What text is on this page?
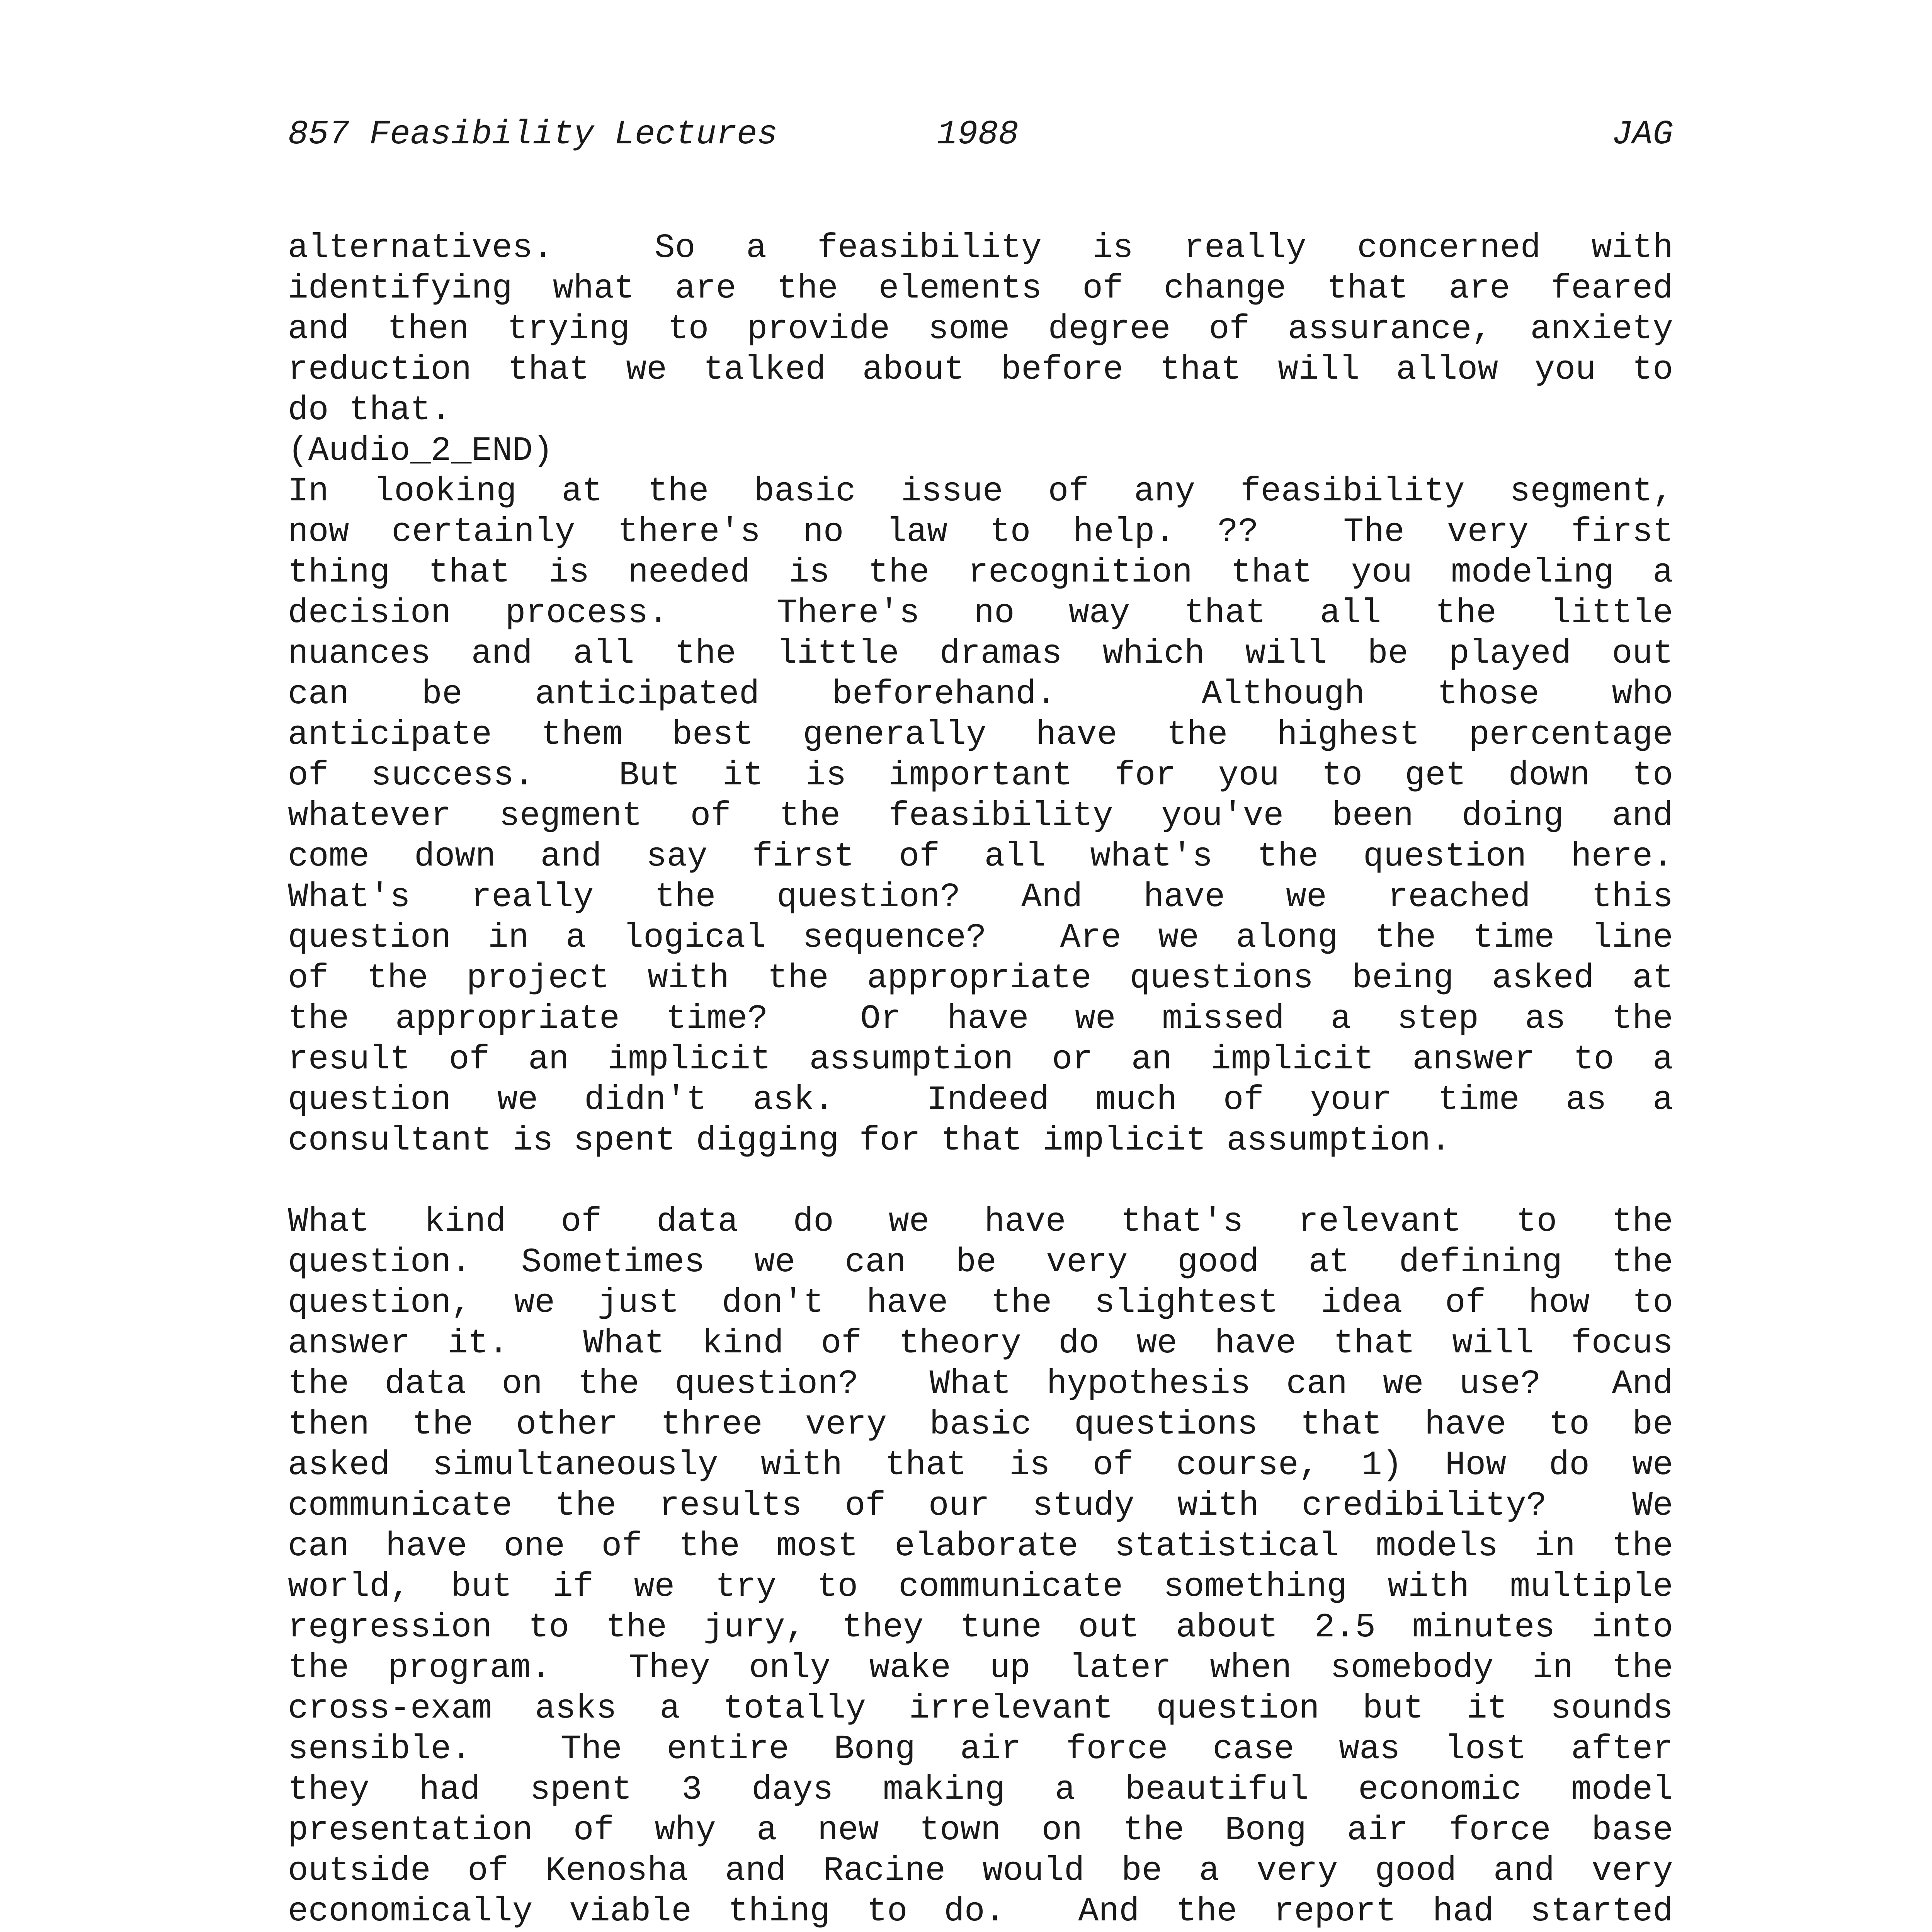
857 Feasibility Lectures

	1988

	JAG

alternatives.  So a feasibility is really concerned with
identifying what are the elements of change that are feared
and then trying to provide some degree of assurance, anxiety
reduction that we talked about before that will allow you to
do that.
(Audio_2_END)
In looking at the basic issue of any feasibility segment,
now certainly there's no law to help. ??  The very first
thing that is needed is the recognition that you modeling a
decision process.  There's no way that all the little
nuances and all the little dramas which will be played out
can be anticipated beforehand.  Although those who
anticipate them best generally have the highest percentage
of success.  But it is important for you to get down to
whatever segment of the feasibility you've been doing and
come down and say first of all what's the question here.
What's really the question? And have we reached this
question in a logical sequence?  Are we along the time line
of the project with the appropriate questions being asked at
the appropriate time?  Or have we missed a step as the
result of an implicit assumption or an implicit answer to a
question we didn't ask.  Indeed much of your time as a
consultant is spent digging for that implicit assumption.
What kind of data do we have that's relevant to the
question. Sometimes we can be very good at defining the
question, we just don't have the slightest idea of how to
answer it.  What kind of theory do we have that will focus
the data on the question?  What hypothesis can we use?  And
then the other three very basic questions that have to be
asked simultaneously with that is of course, 1) How do we
communicate the results of our study with credibility?  We
can have one of the most elaborate statistical models in the
world, but if we try to communicate something with multiple
regression to the jury, they tune out about 2.5 minutes into
the program.  They only wake up later when somebody in the
cross-exam asks a totally irrelevant question but it sounds
sensible.  The entire Bong air force case was lost after
they had spent 3 days making a beautiful economic model
presentation of why a new town on the Bong air force base
outside of Kenosha and Racine would be a very good and very
economically viable thing to do.  And the report had started
